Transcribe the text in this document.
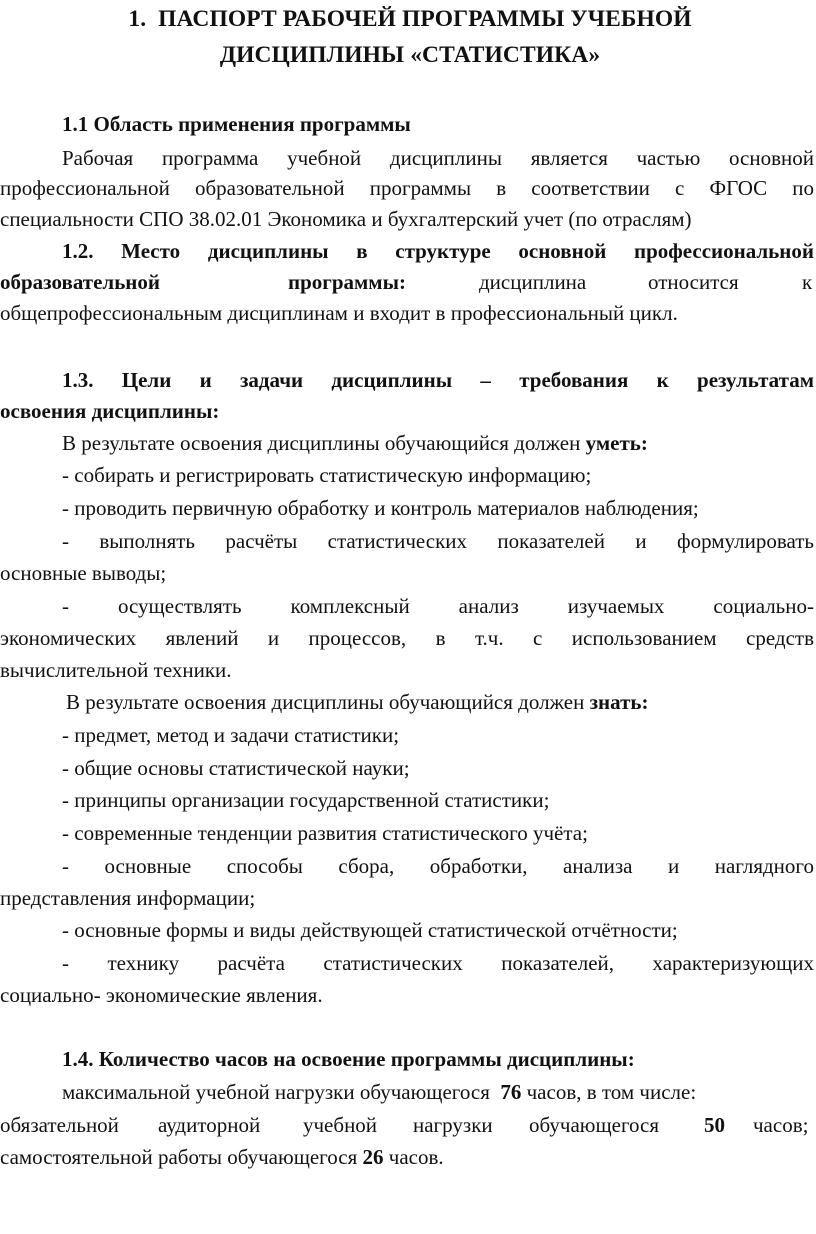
1.  ПАСПОРТ РАБОЧЕЙ ПРОГРАММЫ УЧЕБНОЙ
ДИСЦИПЛИНЫ «СТАТИСТИКА»
1.1 Область применения программы
Рабочая программа учебной дисциплины является частью основной
профессиональной образовательной программы в соответствии с ФГОС по
специальности СПО 38.02.01 Экономика и бухгалтерский учет (по отраслям)
1.2. Место дисциплины в структуре основной профессиональной
образовательной	программы:	дисциплина	относится	к
общепрофессиональным дисциплинам и входит в профессиональный цикл.
1.3. Цели и задачи дисциплины – требования к результатам
освоения дисциплины:
В результате освоения дисциплины обучающийся должен уметь:
- собирать и регистрировать статистическую информацию;
- проводить первичную обработку и контроль материалов наблюдения;
- выполнять расчёты статистических показателей и формулировать
основные выводы;
- осуществлять комплексный анализ изучаемых социально-
экономических явлений и процессов, в т.ч. с использованием средств
вычислительной техники.
В результате освоения дисциплины обучающийся должен знать:
- предмет, метод и задачи статистики;
- общие основы статистической науки;
- принципы организации государственной статистики;
- современные тенденции развития статистического учёта;
- основные способы сбора, обработки, анализа и наглядного
представления информации;
- основные формы и виды действующей статистической отчётности;
- технику расчёта статистических показателей, характеризующих
социально- экономические явления.
1.4. Количество часов на освоение программы дисциплины:
максимальной учебной нагрузки обучающегося  76 часов, в том числе:
обязательной аудиторной учебной нагрузки обучающегося 50 часов;
самостоятельной работы обучающегося 26 часов.
